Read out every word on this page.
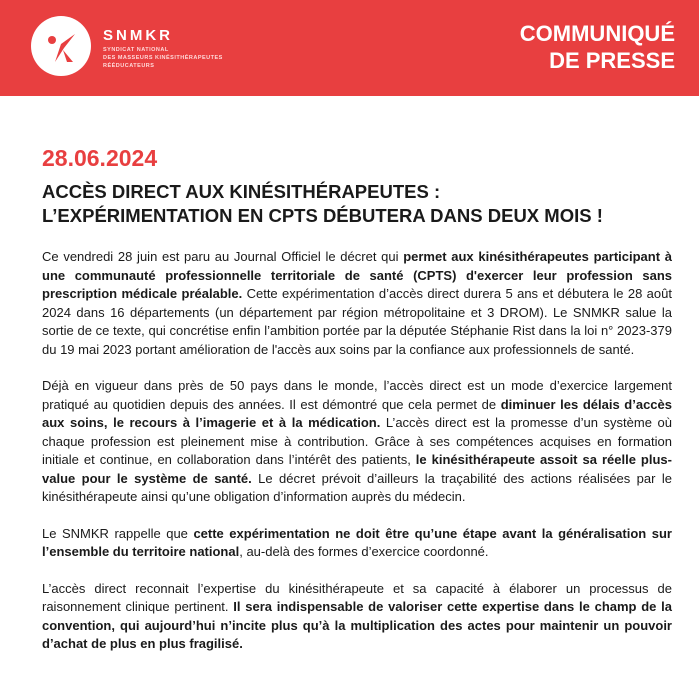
SNMKR
SYNDICAT NATIONAL
DES MASSEURS KINÉSITHÉRAPEUTES
RÉÉDUCATEURS
COMMUNIQUÉ
DE PRESSE
28.06.2024
ACCÈS DIRECT AUX KINÉSITHÉRAPEUTES :
L’EXPÉRIMENTATION EN CPTS DÉBUTERA DANS DEUX MOIS !

Ce vendredi 28 juin est paru au Journal Officiel le décret qui permet aux kinésithérapeutes participant à une communauté professionnelle territoriale de santé (CPTS) d'exercer leur profession sans prescription médicale préalable. Cette expérimentation d’accès direct durera 5 ans et débutera le 28 août 2024 dans 16 départements (un département par région métropolitaine et 3 DROM). Le SNMKR salue la sortie de ce texte, qui concrétise enfin l’ambition portée par la députée Stéphanie Rist dans la loi n° 2023-379 du 19 mai 2023 portant amélioration de l'accès aux soins par la confiance aux professionnels de santé.

Déjà en vigueur dans près de 50 pays dans le monde, l’accès direct est un mode d’exercice largement pratiqué au quotidien depuis des années. Il est démontré que cela permet de diminuer les délais d’accès aux soins, le recours à l’imagerie et à la médication. L’accès direct est la promesse d’un système où chaque profession est pleinement mise à contribution. Grâce à ses compétences acquises en formation initiale et continue, en collaboration dans l’intérêt des patients, le kinésithérapeute assoit sa réelle plus-value pour le système de santé. Le décret prévoit d’ailleurs la traçabilité des actions réalisées par le kinésithérapeute ainsi qu’une obligation d’information auprès du médecin.

Le SNMKR rappelle que cette expérimentation ne doit être qu’une étape avant la généralisation sur l’ensemble du territoire national, au-delà des formes d’exercice coordonné.

L’accès direct reconnait l’expertise du kinésithérapeute et sa capacité à élaborer un processus de raisonnement clinique pertinent. Il sera indispensable de valoriser cette expertise dans le champ de la convention, qui aujourd’hui n’incite plus qu’à la multiplication des actes pour maintenir un pouvoir d’achat de plus en plus fragilisé.
